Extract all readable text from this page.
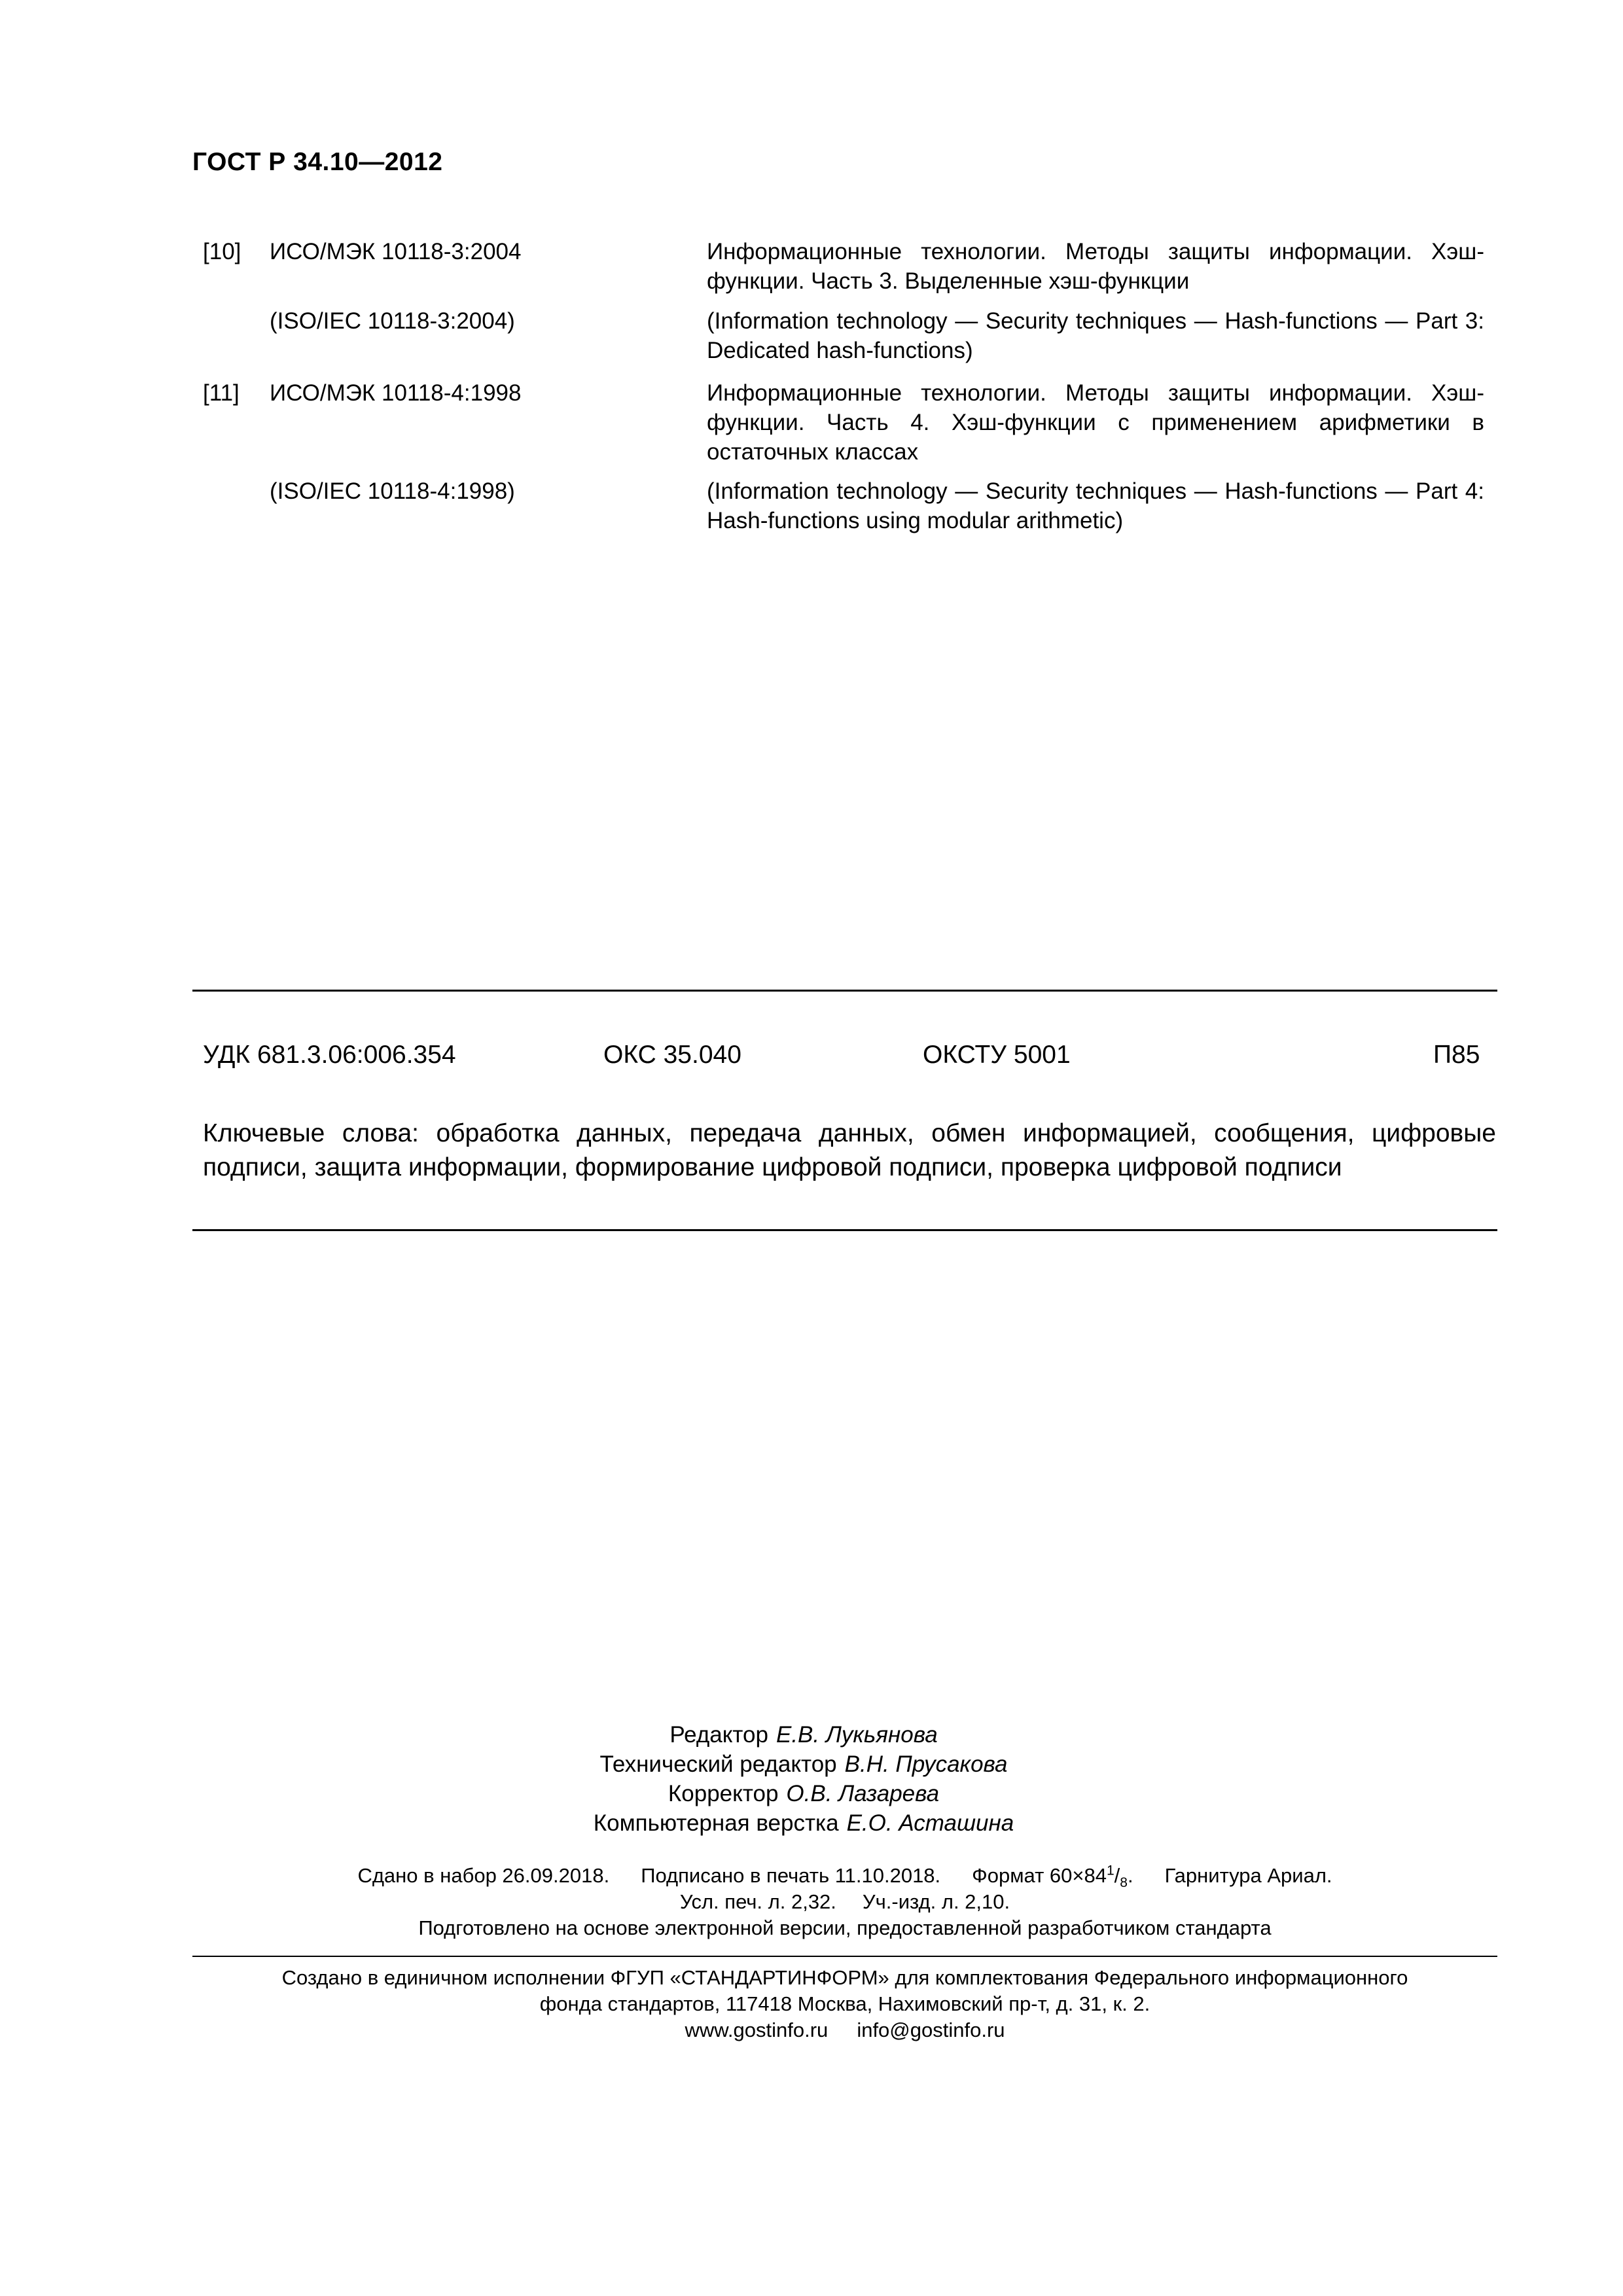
ГОСТ Р 34.10—2012
[10] ИСО/МЭК 10118-3:2004	Информационные технологии. Методы защиты информации. Хэш-функции. Часть 3. Выделенные хэш-функции
(ISO/IEC 10118-3:2004)	(Information technology — Security techniques — Hash-functions — Part 3: Dedicated hash-functions)
[11] ИСО/МЭК 10118-4:1998	Информационные технологии. Методы защиты информации. Хэш-функции. Часть 4. Хэш-функции с применением арифметики в остаточных классах
(ISO/IEC 10118-4:1998)	(Information technology — Security techniques — Hash-functions — Part 4: Hash-functions using modular arithmetic)
УДК 681.3.06:006.354	ОКС 35.040	ОКСТУ 5001	П85
Ключевые слова: обработка данных, передача данных, обмен информацией, сообщения, цифровые подписи, защита информации, формирование цифровой подписи, проверка цифровой подписи
Редактор Е.В. Лукьянова
Технический редактор В.Н. Прусакова
Корректор О.В. Лазарева
Компьютерная верстка Е.О. Асташина
Сдано в набор 26.09.2018. Подписано в печать 11.10.2018. Формат $60\times 84^1/_8$. Гарнитура Ариал.
Усл. печ. л. 2,32. Уч.-изд. л. 2,10.
Подготовлено на основе электронной версии, предоставленной разработчиком стандарта
Создано в единичном исполнении ФГУП «СТАНДАРТИНФОРМ» для комплектования Федерального информационного
фонда стандартов, 117418 Москва, Нахимовский пр-т, д. 31, к. 2.
www.gostinfo.ru info@gostinfo.ru
